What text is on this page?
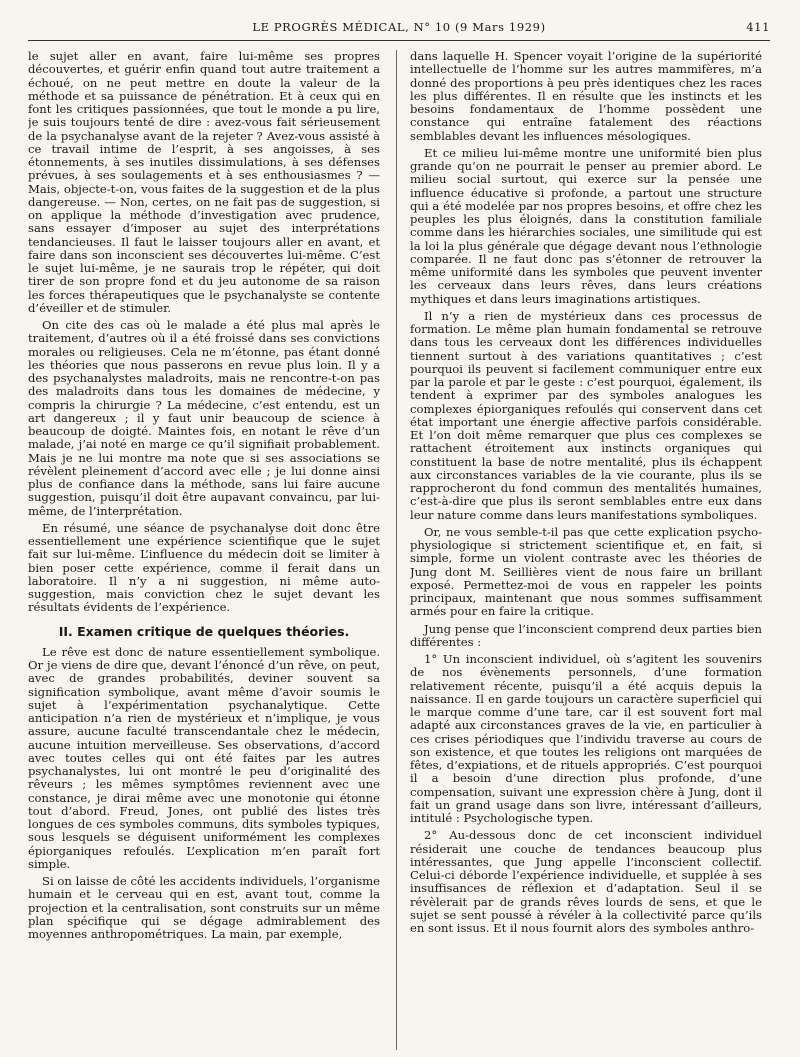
LE PROGRÈS MÉDICAL, N° 10 (9 Mars 1929)	411

le sujet aller en avant, faire lui-même ses propres découvertes, et guérir enfin quand tout autre traitement a échoué, on ne peut mettre en doute la valeur de la méthode et sa puissance de pénétration. Et à ceux qui en font les critiques passionnées, que tout le monde a pu lire, je suis toujours tenté de dire : avez-vous fait sérieusement de la psychanalyse avant de la rejeter ? Avez-vous assisté à ce travail intime de l’esprit, à ses angoisses, à ses étonnements, à ses inutiles dissimulations, à ses défenses prévues, à ses soulagements et à ses enthousiasmes ? — Mais, objecte-t-on, vous faites de la suggestion et de la plus dangereuse. — Non, certes, on ne fait pas de suggestion, si on applique la méthode d’investigation avec prudence, sans essayer d’imposer au sujet des interprétations tendancieuses. Il faut le laisser toujours aller en avant, et faire dans son inconscient ses découvertes lui-même. C’est le sujet lui-même, je ne saurais trop le répéter, qui doit tirer de son propre fond et du jeu autonome de sa raison les forces thérapeutiques que le psychanalyste se contente d’éveiller et de stimuler.

On cite des cas où le malade a été plus mal après le traitement, d’autres où il a été froissé dans ses convictions morales ou religieuses. Cela ne m’étonne, pas étant donné les théories que nous passerons en revue plus loin. Il y a des psychanalystes maladroits, mais ne rencontre-t-on pas des maladroits dans tous les domaines de médecine, y compris la chirurgie ? La médecine, c’est entendu, est un art dangereux ; il y faut unir beaucoup de science à beaucoup de doigté. Maintes fois, en notant le rêve d’un malade, j’ai noté en marge ce qu’il signifiait probablement. Mais je ne lui montre ma note que si ses associations se révèlent pleinement d’accord avec elle ; je lui donne ainsi plus de confiance dans la méthode, sans lui faire aucune suggestion, puisqu’il doit être aupavant convaincu, par lui-même, de l’interprétation.

En résumé, une séance de psychanalyse doit donc être essentiellement une expérience scientifique que le sujet fait sur lui-même. L’influence du médecin doit se limiter à bien poser cette expérience, comme il ferait dans un laboratoire. Il n’y a ni suggestion, ni même auto-suggestion, mais conviction chez le sujet devant les résultats évidents de l’expérience.

II. Examen critique de quelques théories.

Le rêve est donc de nature essentiellement symbolique. Or je viens de dire que, devant l’énoncé d’un rêve, on peut, avec de grandes probabilités, deviner souvent sa signification symbolique, avant même d’avoir soumis le sujet à l’expérimentation psychanalytique. Cette anticipation n’a rien de mystérieux et n’implique, je vous assure, aucune faculté transcendantale chez le médecin, aucune intuition merveilleuse. Ses observations, d’accord avec toutes celles qui ont été faites par les autres psychanalystes, lui ont montré le peu d’originalité des rêveurs ; les mêmes symptômes reviennent avec une constance, je dirai même avec une monotonie qui étonne tout d’abord. Freud, Jones, ont publié des listes très longues de ces symboles communs, dits symboles typiques, sous lesquels se déguisent uniformément les complexes épiorganiques refoulés. L’explication m’en paraît fort simple.

Si on laisse de côté les accidents individuels, l’organisme humain et le cerveau qui en est, avant tout, comme la projection et la centralisation, sont construits sur un même plan spécifique qui se dégage admirablement des moyennes anthropométriques. La main, par exemple,

dans laquelle H. Spencer voyait l’origine de la supériorité intellectuelle de l’homme sur les autres mammifères, m’a donné des proportions à peu près identiques chez les races les plus différentes. Il en résulte que les instincts et les besoins fondamentaux de l’homme possèdent une constance qui entraîne fatalement des réactions semblables devant les influences mésologiques.

Et ce milieu lui-même montre une uniformité bien plus grande qu’on ne pourrait le penser au premier abord. Le milieu social surtout, qui exerce sur la pensée une influence éducative si profonde, a partout une structure qui a été modelée par nos propres besoins, et offre chez les peuples les plus éloignés, dans la constitution familiale comme dans les hiérarchies sociales, une similitude qui est la loi la plus générale que dégage devant nous l’ethnologie comparée. Il ne faut donc pas s’étonner de retrouver la même uniformité dans les symboles que peuvent inventer les cerveaux dans leurs rêves, dans leurs créations mythiques et dans leurs imaginations artistiques.

Il n’y a rien de mystérieux dans ces processus de formation. Le même plan humain fondamental se retrouve dans tous les cerveaux dont les différences individuelles tiennent surtout à des variations quantitatives ; c’est pourquoi ils peuvent si facilement communiquer entre eux par la parole et par le geste : c’est pourquoi, également, ils tendent à exprimer par des symboles analogues les complexes épiorganiques refoulés qui conservent dans cet état important une énergie affective parfois considérable. Et l’on doit même remarquer que plus ces complexes se rattachent étroitement aux instincts organiques qui constituent la base de notre mentalité, plus ils échappent aux circonstances variables de la vie courante, plus ils se rapprocheront du fond commun des mentalités humaines, c’est-à-dire que plus ils seront semblables entre eux dans leur nature comme dans leurs manifestations symboliques.

Or, ne vous semble-t-il pas que cette explication psycho-physiologique si strictement scientifique et, en fait, si simple, forme un violent contraste avec les théories de Jung dont M. Seillières vient de nous faire un brillant exposé. Permettez-moi de vous en rappeler les points principaux, maintenant que nous sommes suffisamment armés pour en faire la critique.

Jung pense que l’inconscient comprend deux parties bien différentes :

1° Un inconscient individuel, où s’agitent les souvenirs de nos évènements personnels, d’une formation relativement récente, puisqu’il a été acquis depuis la naissance. Il en garde toujours un caractère superficiel qui le marque comme d’une tare, car il est souvent fort mal adapté aux circonstances graves de la vie, en particulier à ces crises périodiques que l’individu traverse au cours de son existence, et que toutes les religions ont marquées de fêtes, d’expiations, et de rituels appropriés. C’est pourquoi il a besoin d’une direction plus profonde, d’une compensation, suivant une expression chère à Jung, dont il fait un grand usage dans son livre, intéressant d’ailleurs, intitulé : Psychologische typen.

2° Au-dessous donc de cet inconscient individuel résiderait une couche de tendances beaucoup plus intéressantes, que Jung appelle l’inconscient collectif. Celui-ci déborde l’expérience individuelle, et supplée à ses insuffisances de réflexion et d’adaptation. Seul il se révèlerait par de grands rêves lourds de sens, et que le sujet se sent poussé à révéler à la collectivité parce qu’ils en sont issus. Et il nous fournit alors des symboles anthro-
